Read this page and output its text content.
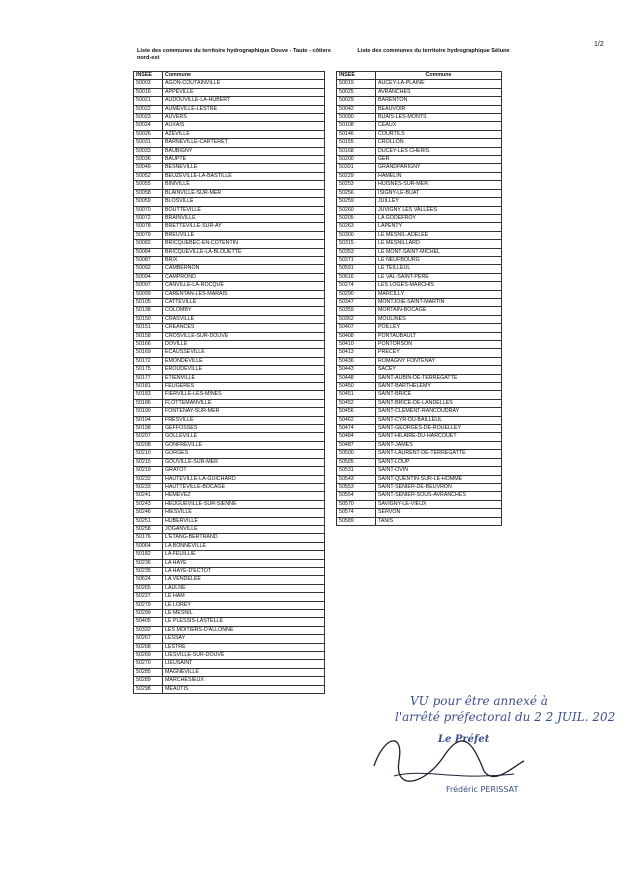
1/2
Liste des communes du territoire hydrographique Douve - Taute - côtiers nord-est
Liste des communes du territoire hydrographique Sélune
INSEE	Commune
50003	AGON-COUTAINVILLE
50016	APPEVILLE
50021	AUDOUVILLE-LA-HUBERT
50022	AUMEVILLE-LESTRE
50023	AUVERS
50024	AUXAIS
50026	AZEVILLE
50031	BARNEVILLE-CARTERET
50033	BAUBIGNY
50036	BAUPTE
50049	BESNEVILLE
50052	BEUZEVILLE-LA-BASTILLE
50055	BINIVILLE
50058	BLAINVILLE-SUR-MER
50059	BLOSVILLE
50070	BOUTTEVILLE
50072	BRAINVILLE
50078	BRETTEVILLE-SUR-AY
50079	BREUVILLE
50082	BRICQUEBEC-EN-COTENTIN
50084	BRICQUEVILLE-LA-BLOUETTE
50087	BRIX
50092	CAMBERNON
50094	CAMPROND
50097	CANVILLE-LA-ROCQUE
50099	CARENTAN-LES-MARAIS
50105	CATTEVILLE
50138	COLOMBY
50150	CRASVILLE
50151	CREANCES
50158	CROSVILLE-SUR-DOUVE
50166	DOVILLE
50169	ECAUSSEVILLE
50172	EMONDEVILLE
50175	EROUDEVILLE
50177	ETIENVILLE
50181	FEUGERES
50183	FIERVILLE-LES-MINES
50186	FLOTTEMANVILLE
50190	FONTENAY-SUR-MER
50194	FRESVILLE
50198	GEFFOSSES
50207	GOLLEVILLE
50208	GONFREVILLE
50210	GORGES
50215	GOUVILLE-SUR-MER
50219	GRATOT
50232	HAUTEVILLE-LA-GUICHARD
50233	HAUTTEVILLE-BOCAGE
50241	HEMEVEZ
50243	HEUGUEVILLE-SUR-SIENNE
50246	HIESVILLE
50251	HUBERVILLE
50258	JOGANVILLE
50176	L'ETANG-BERTRAND
50064	LA BONNEVILLE
50182	LA FEUILLIE
50236	LA HAYE
50235	LA HAYE-D'ECTOT
50624	LA VENDELEE
50265	LAULNE
50227	LE HAM
50279	LE LOREY
50299	LE MESNIL
50405	LE PLESSIS-LASTELLE
50332	LES MOITIERS-D'ALLONNE
50267	LESSAY
50268	LESTRE
50269	LIESVILLE-SUR-DOUVE
50270	LIEUSAINT
50285	MAGNEVILLE
50289	MARCHESIEUX
50298	MEAUTIS
INSEE	Commune
50019	AUCEY-LA-PLAINE
50025	AVRANCHES
50029	BARENTON
50042	BEAUVOIR
50090	BUAIS-LES-MONTS
50108	CEAUX
50146	COURTILS
50155	CROLLON
50168	DUCEY-LES CHERIS
50200	GER
50391	GRANDPARIGNY
50229	HAMELIN
50253	HUISNES-SUR-MER
50256	ISIGNY-LE-BUAT
50259	JUILLEY
50260	JUVIGNY LES VALLÉES
50205	LA GODEFROY
50263	LAPENTY
50300	LE MESNIL-ADELEE
50315	LE MESNILLARD
50353	LE MONT-SAINT-MICHEL
50371	LE NEUFBOURG
50591	LE TEILLEUL
50616	LE VAL-SAINT-PERE
50274	LES LOGES-MARCHIS
50290	MARCILLY
50347	MONTJOIE-SAINT-MARTIN
50359	MORTAIN-BOCAGE
50362	MOULINES
50407	POILLEY
50408	PONTAUBAULT
50410	PONTORSON
50413	PRECEY
50436	ROMAGNY FONTENAY
50443	SACEY
50448	SAINT-AUBIN-DE-TERREGATTE
50450	SAINT-BARTHELEMY
50451	SAINT-BRICE
50452	SAINT-BRICE-DE-LANDELLES
50456	SAINT-CLEMENT-RANCOUDRAY
50462	SAINT-CYR-DU-BAILLEUL
50474	SAINT-GEORGES-DE-ROUELLEY
50484	SAINT-HILAIRE-DU-HARCOUET
50487	SAINT-JAMES
50500	SAINT-LAURENT-DE-TERREGATTE
50505	SAINT-LOUP
50531	SAINT-OVIN
50543	SAINT-QUENTIN-SUR-LE-HOMME
50553	SAINT-SENIER-DE-BEUVRON
50554	SAINT-SENIER-SOUS-AVRANCHES
50570	SAVIGNY-LE-VIEUX
50574	SERVON
50589	TANIS
VU pour être annexé à
l'arrêté préfectoral du 2 2 JUIL. 202
Le Préfet
Frédéric PERISSAT
